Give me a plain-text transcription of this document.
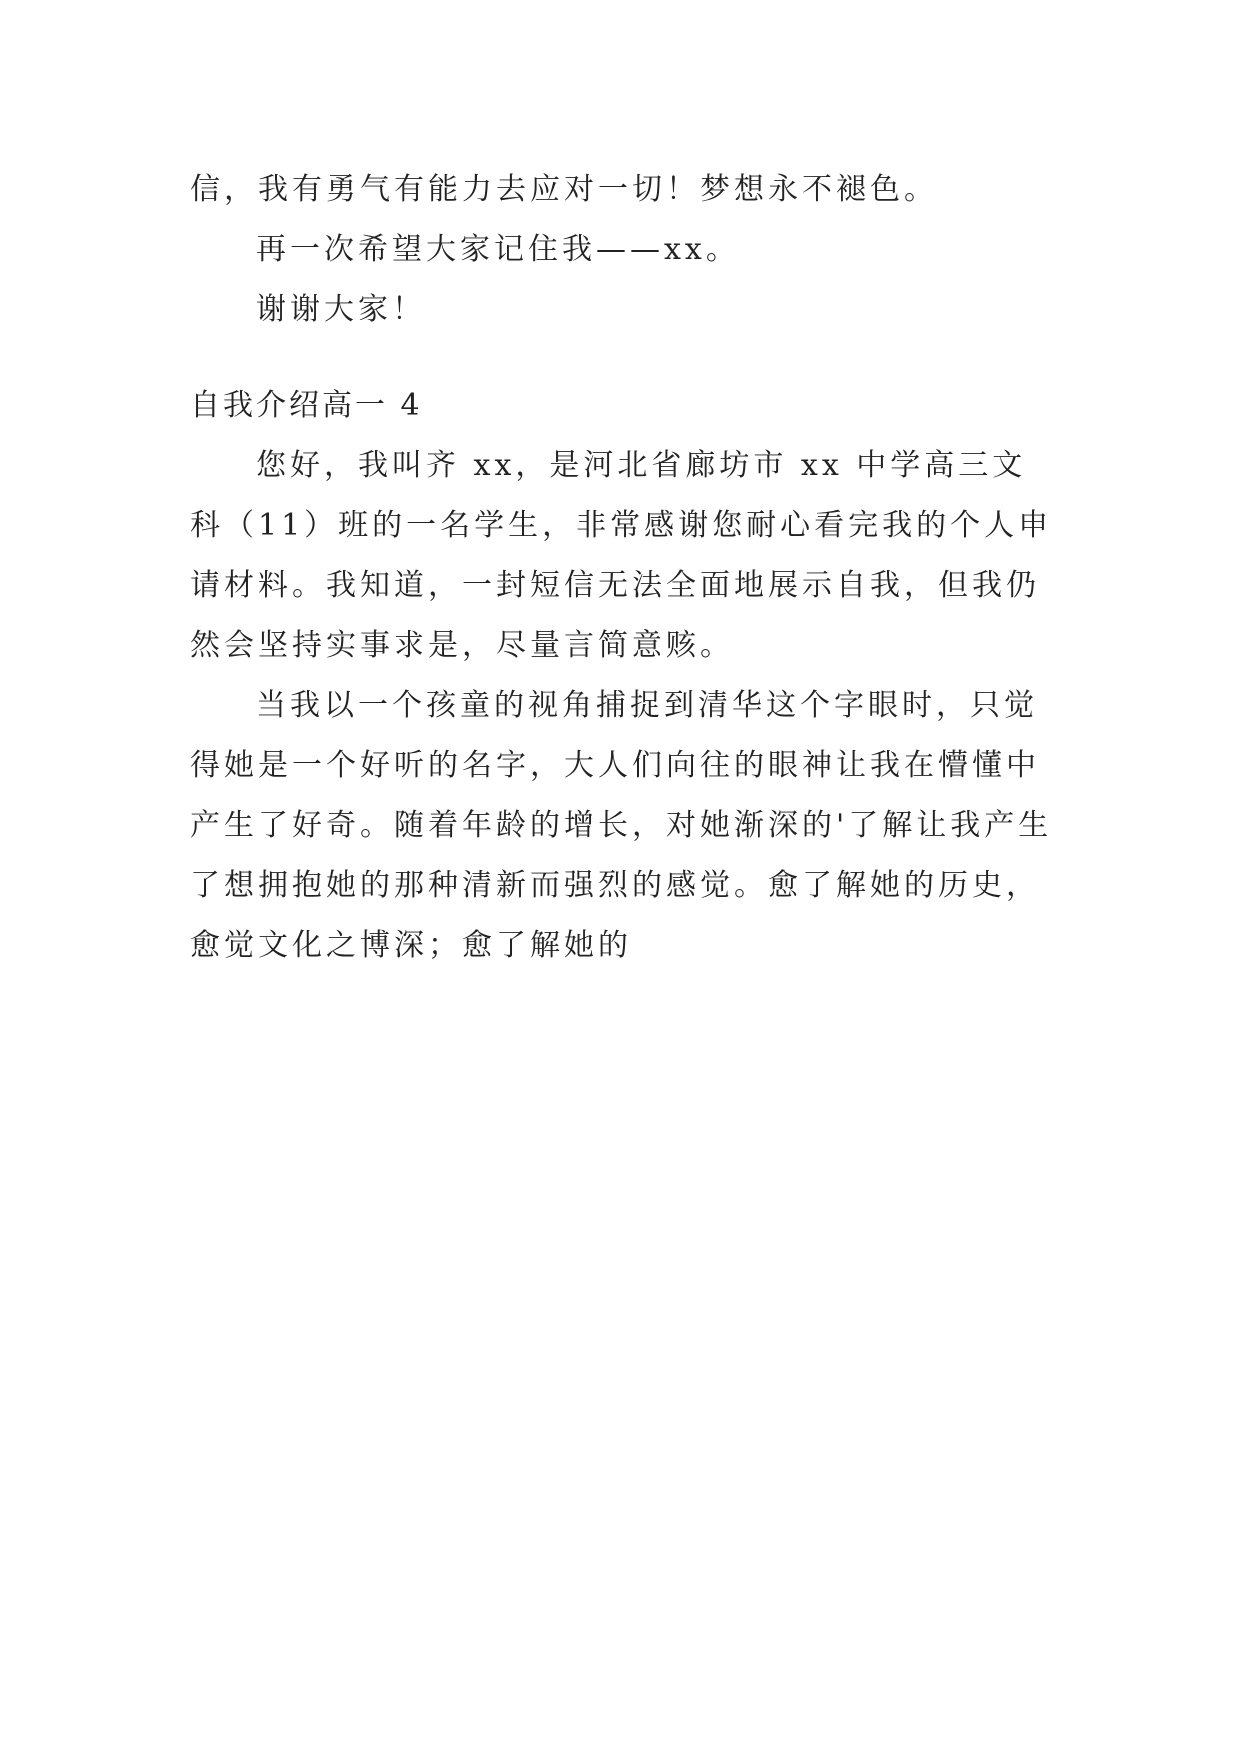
信，我有勇气有能力去应对一切！梦想永不褪色。

再一次希望大家记住我——xx。

谢谢大家！

自我介绍高一 4

您好，我叫齐 xx，是河北省廊坊市 xx 中学高三文科（11）班的一名学生，非常感谢您耐心看完我的个人申请材料。我知道，一封短信无法全面地展示自我，但我仍然会坚持实事求是，尽量言简意赅。

当我以一个孩童的视角捕捉到清华这个字眼时，只觉得她是一个好听的名字，大人们向往的眼神让我在懵懂中产生了好奇。随着年龄的增长，对她渐深的'了解让我产生了想拥抱她的那种清新而强烈的感觉。愈了解她的历史，愈觉文化之博深；愈了解她的
